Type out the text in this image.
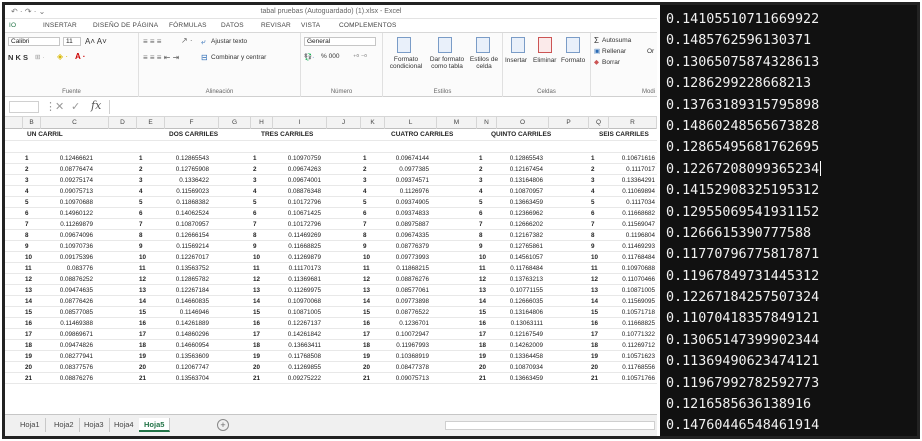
↶ · ↷ · ⌄	tabal pruebas (Autoguardado) (1).xlsx - Excel
IO	INSERTAR DISEÑO DE PÁGINA FÓRMULAS DATOS	REVISAR VISTA	COMPLEMENTOS
Calibri	11	A˄ A˅
N K S ⊞ · ◈ · A ·
Fuente
≡ ≡ ≡ ↗ · ⤶ Ajustar texto
≡ ≡ ≡ ⇤ ⇥	⊟ Combinar y centrar
Alineación
General
💱· % 000 ⁺⁰ ⁻⁰
Número
Formato condicional
Dar formato como tabla
Estilos de celda
Estilos
Insertar Eliminar Formato
Celdas
Σ Autosuma
▣ Rellenar
◆ Borrar
Or
Modi
⋮ ✕ ✓ fx
B	C	D	E	F	G	H	I	J	K	L	M	N	O	P	Q	R
UN CARRIL	DOS CARRILES	TRES CARRILES	CUATRO CARRILES	QUINTO CARRILES	SEIS CARRILES
1	0.12466621	1	0.12865543	1	0.10970759	1	0.09674144	1	0.12865543	1	0.10671616
2	0.08776474	2	0.12765908	2	0.09674263	2	0.0977385	2	0.12167454	2	0.1117017
3	0.09275174	3	0.1336422	3	0.09674001	3	0.09374571	3	0.13164806	3	0.13364291
4	0.09075713	4	0.11569023	4	0.08876348	4	0.1126976	4	0.10870957	4	0.11069894
5	0.10970688	5	0.11868382	5	0.10172796	5	0.09374905	5	0.13663459	5	0.1117034
6	0.14960122	6	0.14062524	6	0.10671425	6	0.09374833	6	0.12366962	6	0.11668682
7	0.11269879	7	0.10870957	7	0.10172796	7	0.08975887	7	0.12666202	7	0.11569047
8	0.09674096	8	0.12666154	8	0.11469269	8	0.09674335	8	0.12167382	8	0.1196804
9	0.10970736	9	0.11569214	9	0.11668825	9	0.08776379	9	0.12765861	9	0.11469293
10	0.09175396	10	0.12267017	10	0.11269879	10	0.09773993	10	0.14561057	10	0.11768484
11	0.083776	11	0.13563752	11	0.11170173	11	0.11868215	11	0.11768484	11	0.10970688
12	0.08876252	12	0.12865782	12	0.11369681	12	0.08876276	12	0.13763213	12	0.11070466
13	0.09474635	13	0.12267184	13	0.11269975	13	0.08577061	13	0.10771155	13	0.10871005
14	0.08776426	14	0.14660835	14	0.10970068	14	0.09773898	14	0.12666035	14	0.11569095
15	0.08577085	15	0.1146946	15	0.10871005	15	0.08776522	15	0.13164806	15	0.10571718
16	0.11469388	16	0.14261889	16	0.12267137	16	0.1236701	16	0.13063111	16	0.11668825
17	0.09869671	17	0.14860296	17	0.14261842	17	0.10072947	17	0.12167549	17	0.10771322
18	0.09474826	18	0.14660954	18	0.13663411	18	0.11967993	18	0.14262009	18	0.11269712
19	0.08277941	19	0.13563609	19	0.11768508	19	0.10368919	19	0.13364458	19	0.10571623
20	0.08377576	20	0.12067747	20	0.11269855	20	0.08477378	20	0.10870934	20	0.11768556
21	0.08876276	21	0.13563704	21	0.09275222	21	0.09075713	21	0.13663459	21	0.10571766
Hoja1	Hoja2	Hoja3	Hoja4	Hoja5	+
0.14105510711669922
0.1485762596130371
0.13065075874328613
0.1286299228668213
0.13763189315795898
0.14860248565673828
0.12865495681762695
0.12267208099365234
0.14152908325195312
0.12955069541931152
0.1266615390777588
0.11770796775817871
0.11967849731445312
0.12267184257507324
0.11070418357849121
0.13065147399902344
0.11369490623474121
0.11967992782592773
0.1216585636138916
0.14760446548461914
